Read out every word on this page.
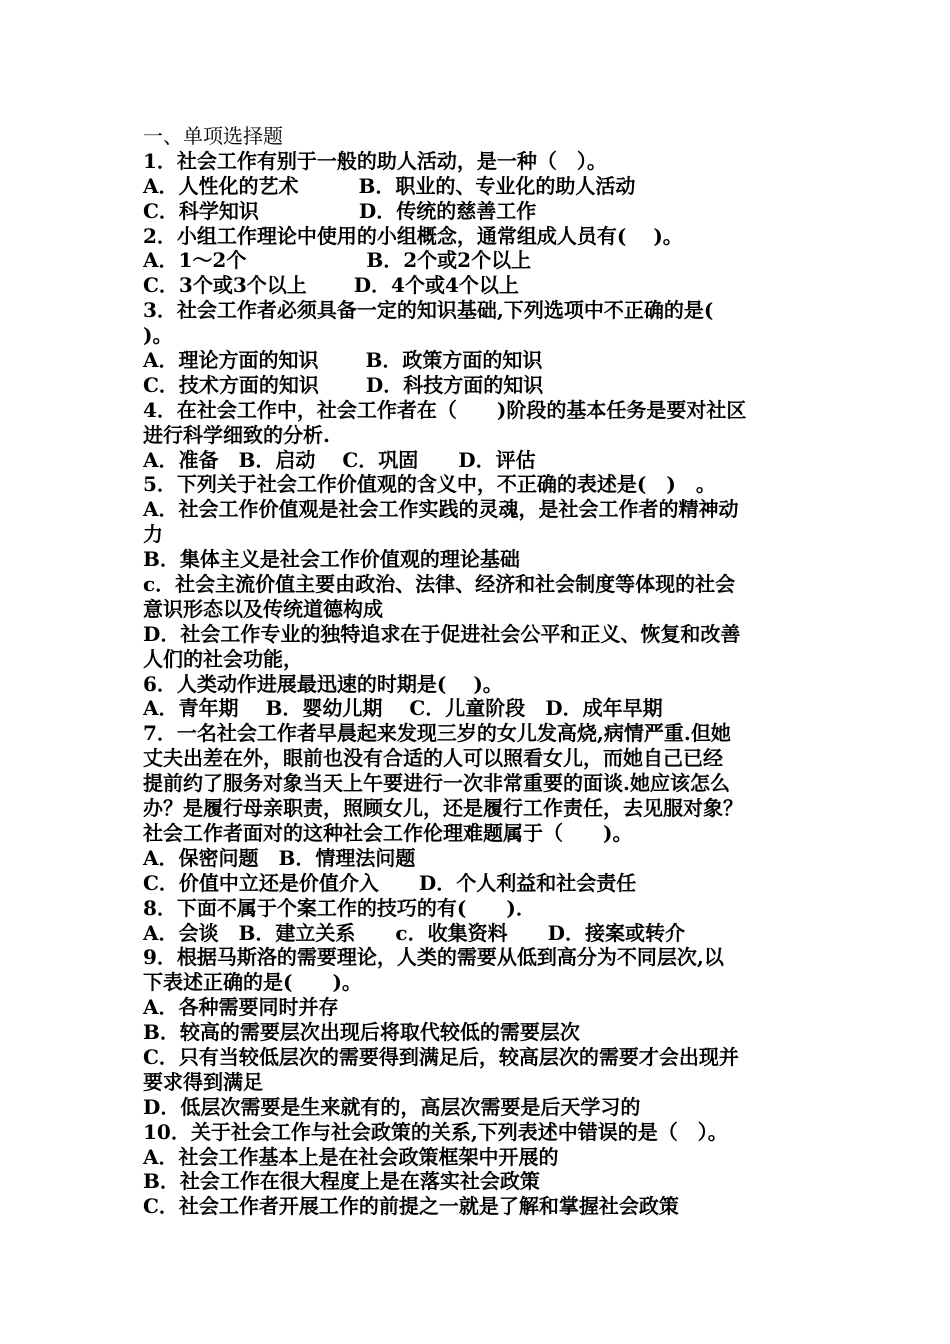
一、单项选择题
1．社会工作有别于一般的助人活动，是一种（　）。
A．人性化的艺术　　　B．职业的、专业化的助人活动
C．科学知识　　　　　D．传统的慈善工作
2．小组工作理论中使用的小组概念，通常组成人员有(　 )。
A．1～2个　　　　　　B．2个或2个以上
C．3个或3个以上　　 D．4个或4个以上
3．社会工作者必须具备一定的知识基础,下列选项中不正确的是(
)。
A．理论方面的知识　　 B．政策方面的知识
C．技术方面的知识　　 D．科技方面的知识
4．在社会工作中，社会工作者在（　　)阶段的基本任务是要对社区
进行科学细致的分析.
A．准备　B．启动　 C．巩固　　D．评估
5．下列关于社会工作价值观的含义中，不正确的表述是(　)　。
A．社会工作价值观是社会工作实践的灵魂，是社会工作者的精神动
力
B．集体主义是社会工作价值观的理论基础
c．社会主流价值主要由政治、法律、经济和社会制度等体现的社会
意识形态以及传统道德构成
D．社会工作专业的独特追求在于促进社会公平和正义、恢复和改善
人们的社会功能，
6．人类动作进展最迅速的时期是(　 )。
A．青年期　 B．婴幼儿期　 C．儿童阶段　D．成年早期
7．一名社会工作者早晨起来发现三岁的女儿发高烧,病情严重.但她
丈夫出差在外，眼前也没有合适的人可以照看女儿，而她自己已经
提前约了服务对象当天上午要进行一次非常重要的面谈.她应该怎么
办？是履行母亲职责，照顾女儿，还是履行工作责任，去见服对象？
社会工作者面对的这种社会工作伦理难题属于（　　)。
A．保密问题　B．情理法问题
C．价值中立还是价值介入　　D．个人利益和社会责任
8．下面不属于个案工作的技巧的有(　　)．
A．会谈　B．建立关系　　c．收集资料　　D．接案或转介
9．根据马斯洛的需要理论，人类的需要从低到高分为不同层次,以
下表述正确的是(　　)。
A．各种需要同时并存
B．较高的需要层次出现后将取代较低的需要层次
C．只有当较低层次的需要得到满足后，较高层次的需要才会出现并
要求得到满足
D．低层次需要是生来就有的，高层次需要是后天学习的
10．关于社会工作与社会政策的关系,下列表述中错误的是（　）。
A．社会工作基本上是在社会政策框架中开展的
B．社会工作在很大程度上是在落实社会政策
C．社会工作者开展工作的前提之一就是了解和掌握社会政策
